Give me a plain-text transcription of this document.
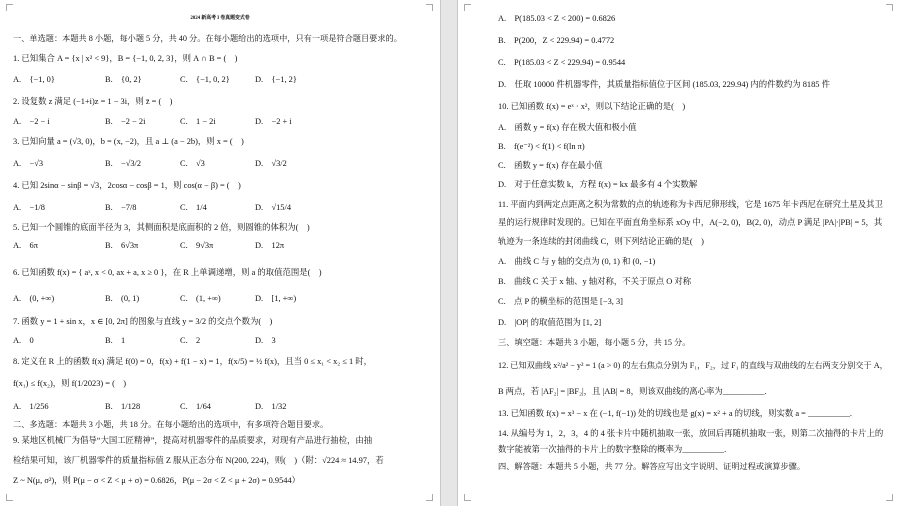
2024 新高考 I 卷真题变式卷
一、单选题：本题共 8 小题，每小题 5 分，共 40 分。在每小题给出的选项中，只有一项是符合题目要求的。
1. 已知集合 A = {x | x² < 9}，B = {−1, 0, 2, 3}，则 A ∩ B = (　)
A.　{−1, 0}	B.　{0, 2}	C.　{−1, 0, 2}	D.　{−1, 2}
2. 设复数 z 满足 (−1+i)z = 1 − 3i，则 z̄ = (　)
A.　−2 − i	B.　−2 − 2i	C.　1 − 2i	D.　−2 + i
3. 已知向量 a = (√3, 0)，b = (x, −2)，且 a ⊥ (a − 2b)，则 x = (　)
A.　−√3	B.　−√3/2	C.　√3	D.　√3/2
4. 已知 2sinα − sinβ = √3，2cosα − cosβ = 1，则 cos(α − β) = (　)
A.　−1/8	B.　−7/8	C.　1/4	D.　√15/4
5. 已知一个圆锥的底面半径为 3，其侧面积是底面积的 2 倍，则圆锥的体积为(　)
A.　6π	B.　6√3π	C.　9√3π	D.　12π
6. 已知函数 f(x) = { aˣ, x < 0, ax + a, x ≥ 0 }，在 R 上单调递增，则 a 的取值范围是(　)
A.　(0, +∞)	B.　(0, 1)	C.　(1, +∞)	D.　[1, +∞)
7. 函数 y = 1 + sin x，x ∈ [0, 2π] 的图象与直线 y = 3/2 的交点个数为(　)
A.　0	B.　1	C.　2	D.　3
8. 定义在 R 上的函数 f(x) 满足 f(0) = 0，f(x) + f(1 − x) = 1，f(x/5) = ½ f(x)，且当 0 ≤ x₁ < x₂ ≤ 1 时，
f(x₁) ≤ f(x₂)，则 f(1/2023) = (　)
A.　1/256	B.　1/128	C.　1/64	D.　1/32
二、多选题：本题共 3 小题，共 18 分。在每小题给出的选项中，有多项符合题目要求。
9. 某地区机械厂为倡导“大国工匠精神”，提高对机器零件的品质要求，对现有产品进行抽检，由抽
检结果可知，该厂机器零件的质量指标值 Z 服从正态分布 N(200, 224)，则(　)（附：√224 ≈ 14.97，若
Z ~ N(μ, σ²)，则 P(μ − σ < Z < μ + σ) = 0.6826，P(μ − 2σ < Z < μ + 2σ) = 0.9544）
A.　P(185.03 < Z < 200) = 0.6826
B.　P(200，Z < 229.94) = 0.4772
C.　P(185.03 < Z < 229.94) = 0.9544
D.　任取 10000 件机器零件，其质量指标值位于区间 (185.03, 229.94) 内的件数约为 8185 件
10. 已知函数 f(x) = eˣ · x²，则以下结论正确的是(　)
A.　函数 y = f(x) 存在极大值和极小值
B.　f(e⁻²) < f(1) < f(ln π)
C.　函数 y = f(x) 存在最小值
D.　对于任意实数 k，方程 f(x) = kx 最多有 4 个实数解
11. 平面内到两定点距离之积为常数的点的轨迹称为卡西尼卵形线，它是 1675 年卡西尼在研究土星及其卫
星的运行规律时发现的。已知在平面直角坐标系 xOy 中，A(−2, 0)，B(2, 0)，动点 P 满足 |PA|·|PB| = 5，其
轨迹为一条连续的封闭曲线 C，则下列结论正确的是(　)
A.　曲线 C 与 y 轴的交点为 (0, 1) 和 (0, −1)
B.　曲线 C 关于 x 轴、y 轴对称，不关于原点 O 对称
C.　点 P 的横坐标的范围是 [−3, 3]
D.　|OP| 的取值范围为 [1, 2]
三、填空题：本题共 3 小题，每小题 5 分，共 15 分。
12. 已知双曲线 x²/a² − y² = 1 (a > 0) 的左右焦点分别为 F₁，F₂，过 F₁ 的直线与双曲线的左右两支分别交于 A，
B 两点，若 |AF₂| = |BF₂|，且 |AB| = 8，则该双曲线的离心率为__________.
13. 已知函数 f(x) = x³ − x 在 (−1, f(−1)) 处的切线也是 g(x) = x² + a 的切线，则实数 a = __________.
14. 从编号为 1，2，3，4 的 4 张卡片中随机抽取一张，放回后再随机抽取一张，则第二次抽得的卡片上的
数字能被第一次抽得的卡片上的数字整除的概率为__________.
四、解答题：本题共 5 小题，共 77 分。解答应写出文字说明、证明过程或演算步骤。
